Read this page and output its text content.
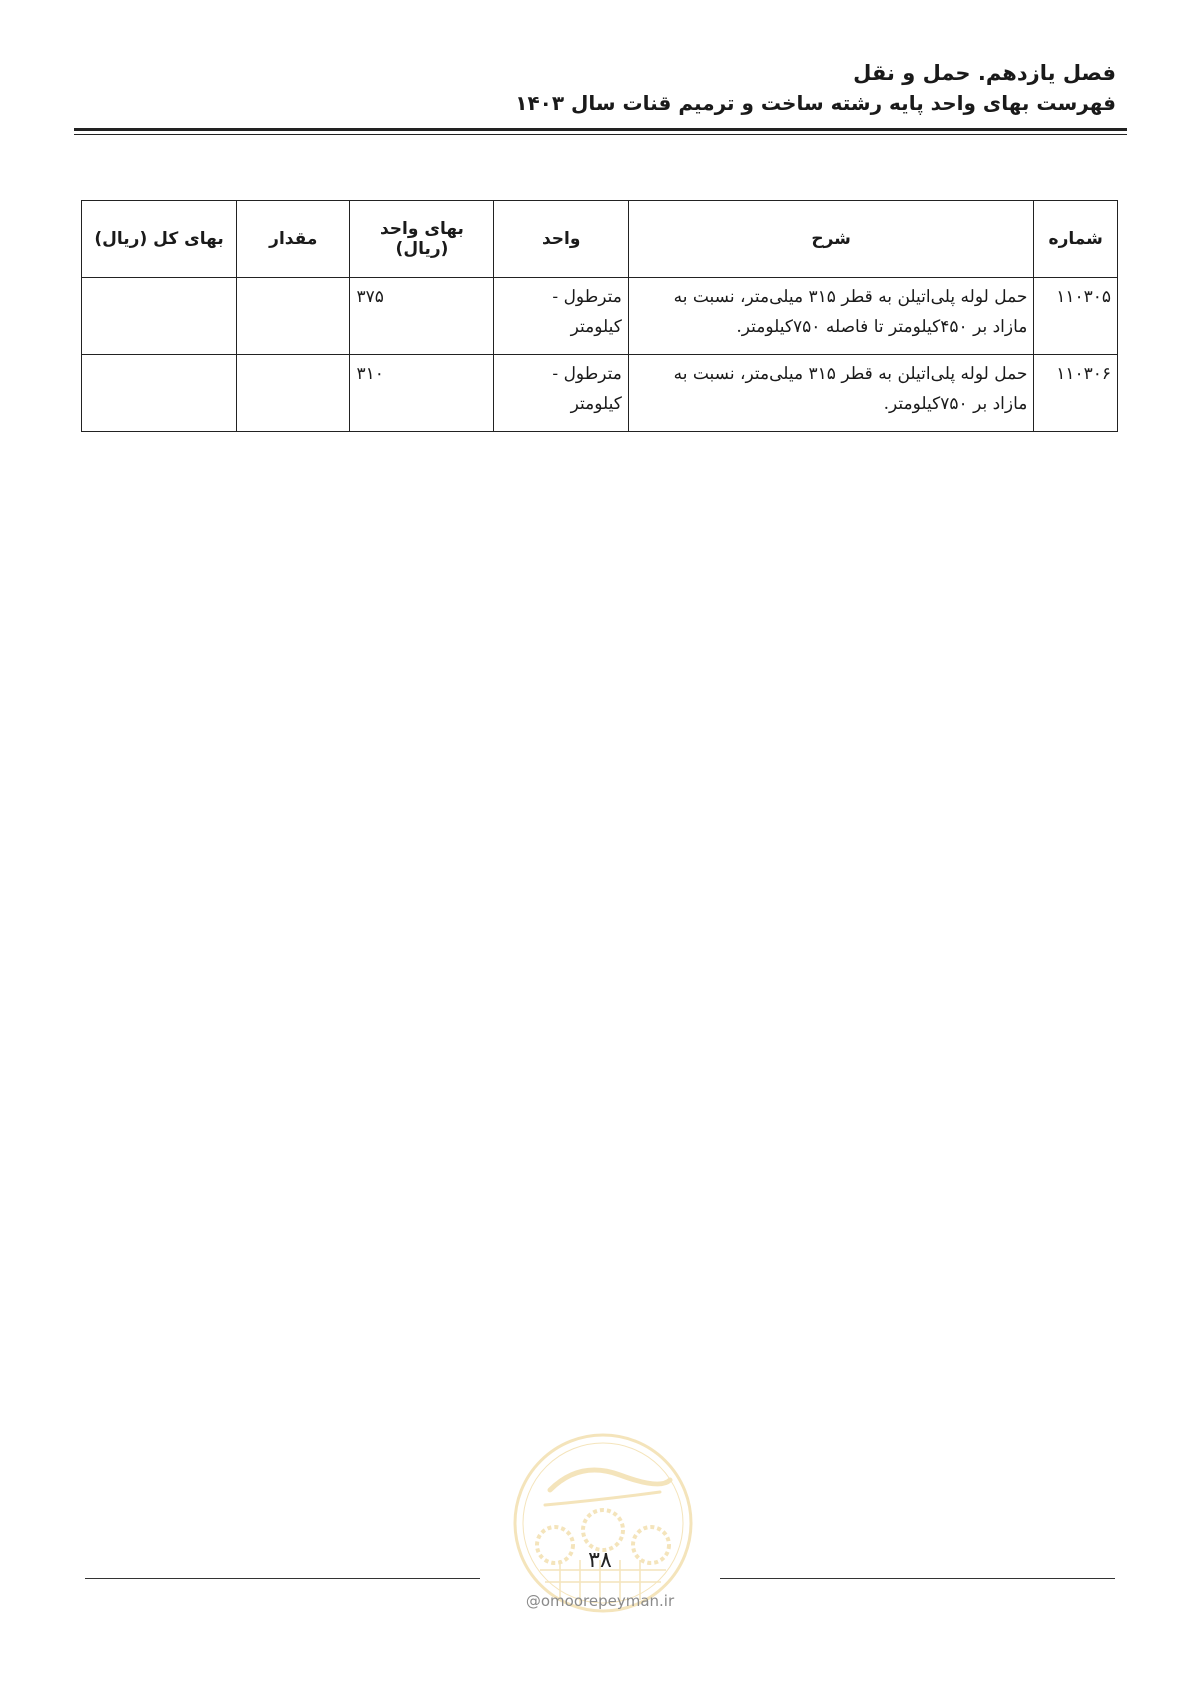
فصل یازدهم. حمل و نقل
فهرست بهای واحد پایه رشته ساخت و ترمیم قنات سال ۱۴۰۳
شماره	شرح	واحد	بهای واحد (ریال)	مقدار	بهای کل (ریال)
۱۱۰۳۰۵	حمل لوله پلی‌اتیلن به قطر ۳۱۵ میلی‌متر، نسبت به مازاد بر ۴۵۰کیلومتر تا فاصله ۷۵۰کیلومتر.	مترطول - کیلومتر	۳۷۵		
۱۱۰۳۰۶	حمل لوله پلی‌اتیلن به قطر ۳۱۵ میلی‌متر، نسبت به مازاد بر ۷۵۰کیلومتر.	مترطول - کیلومتر	۳۱۰		
۳۸
@omoorepeyman.ir
